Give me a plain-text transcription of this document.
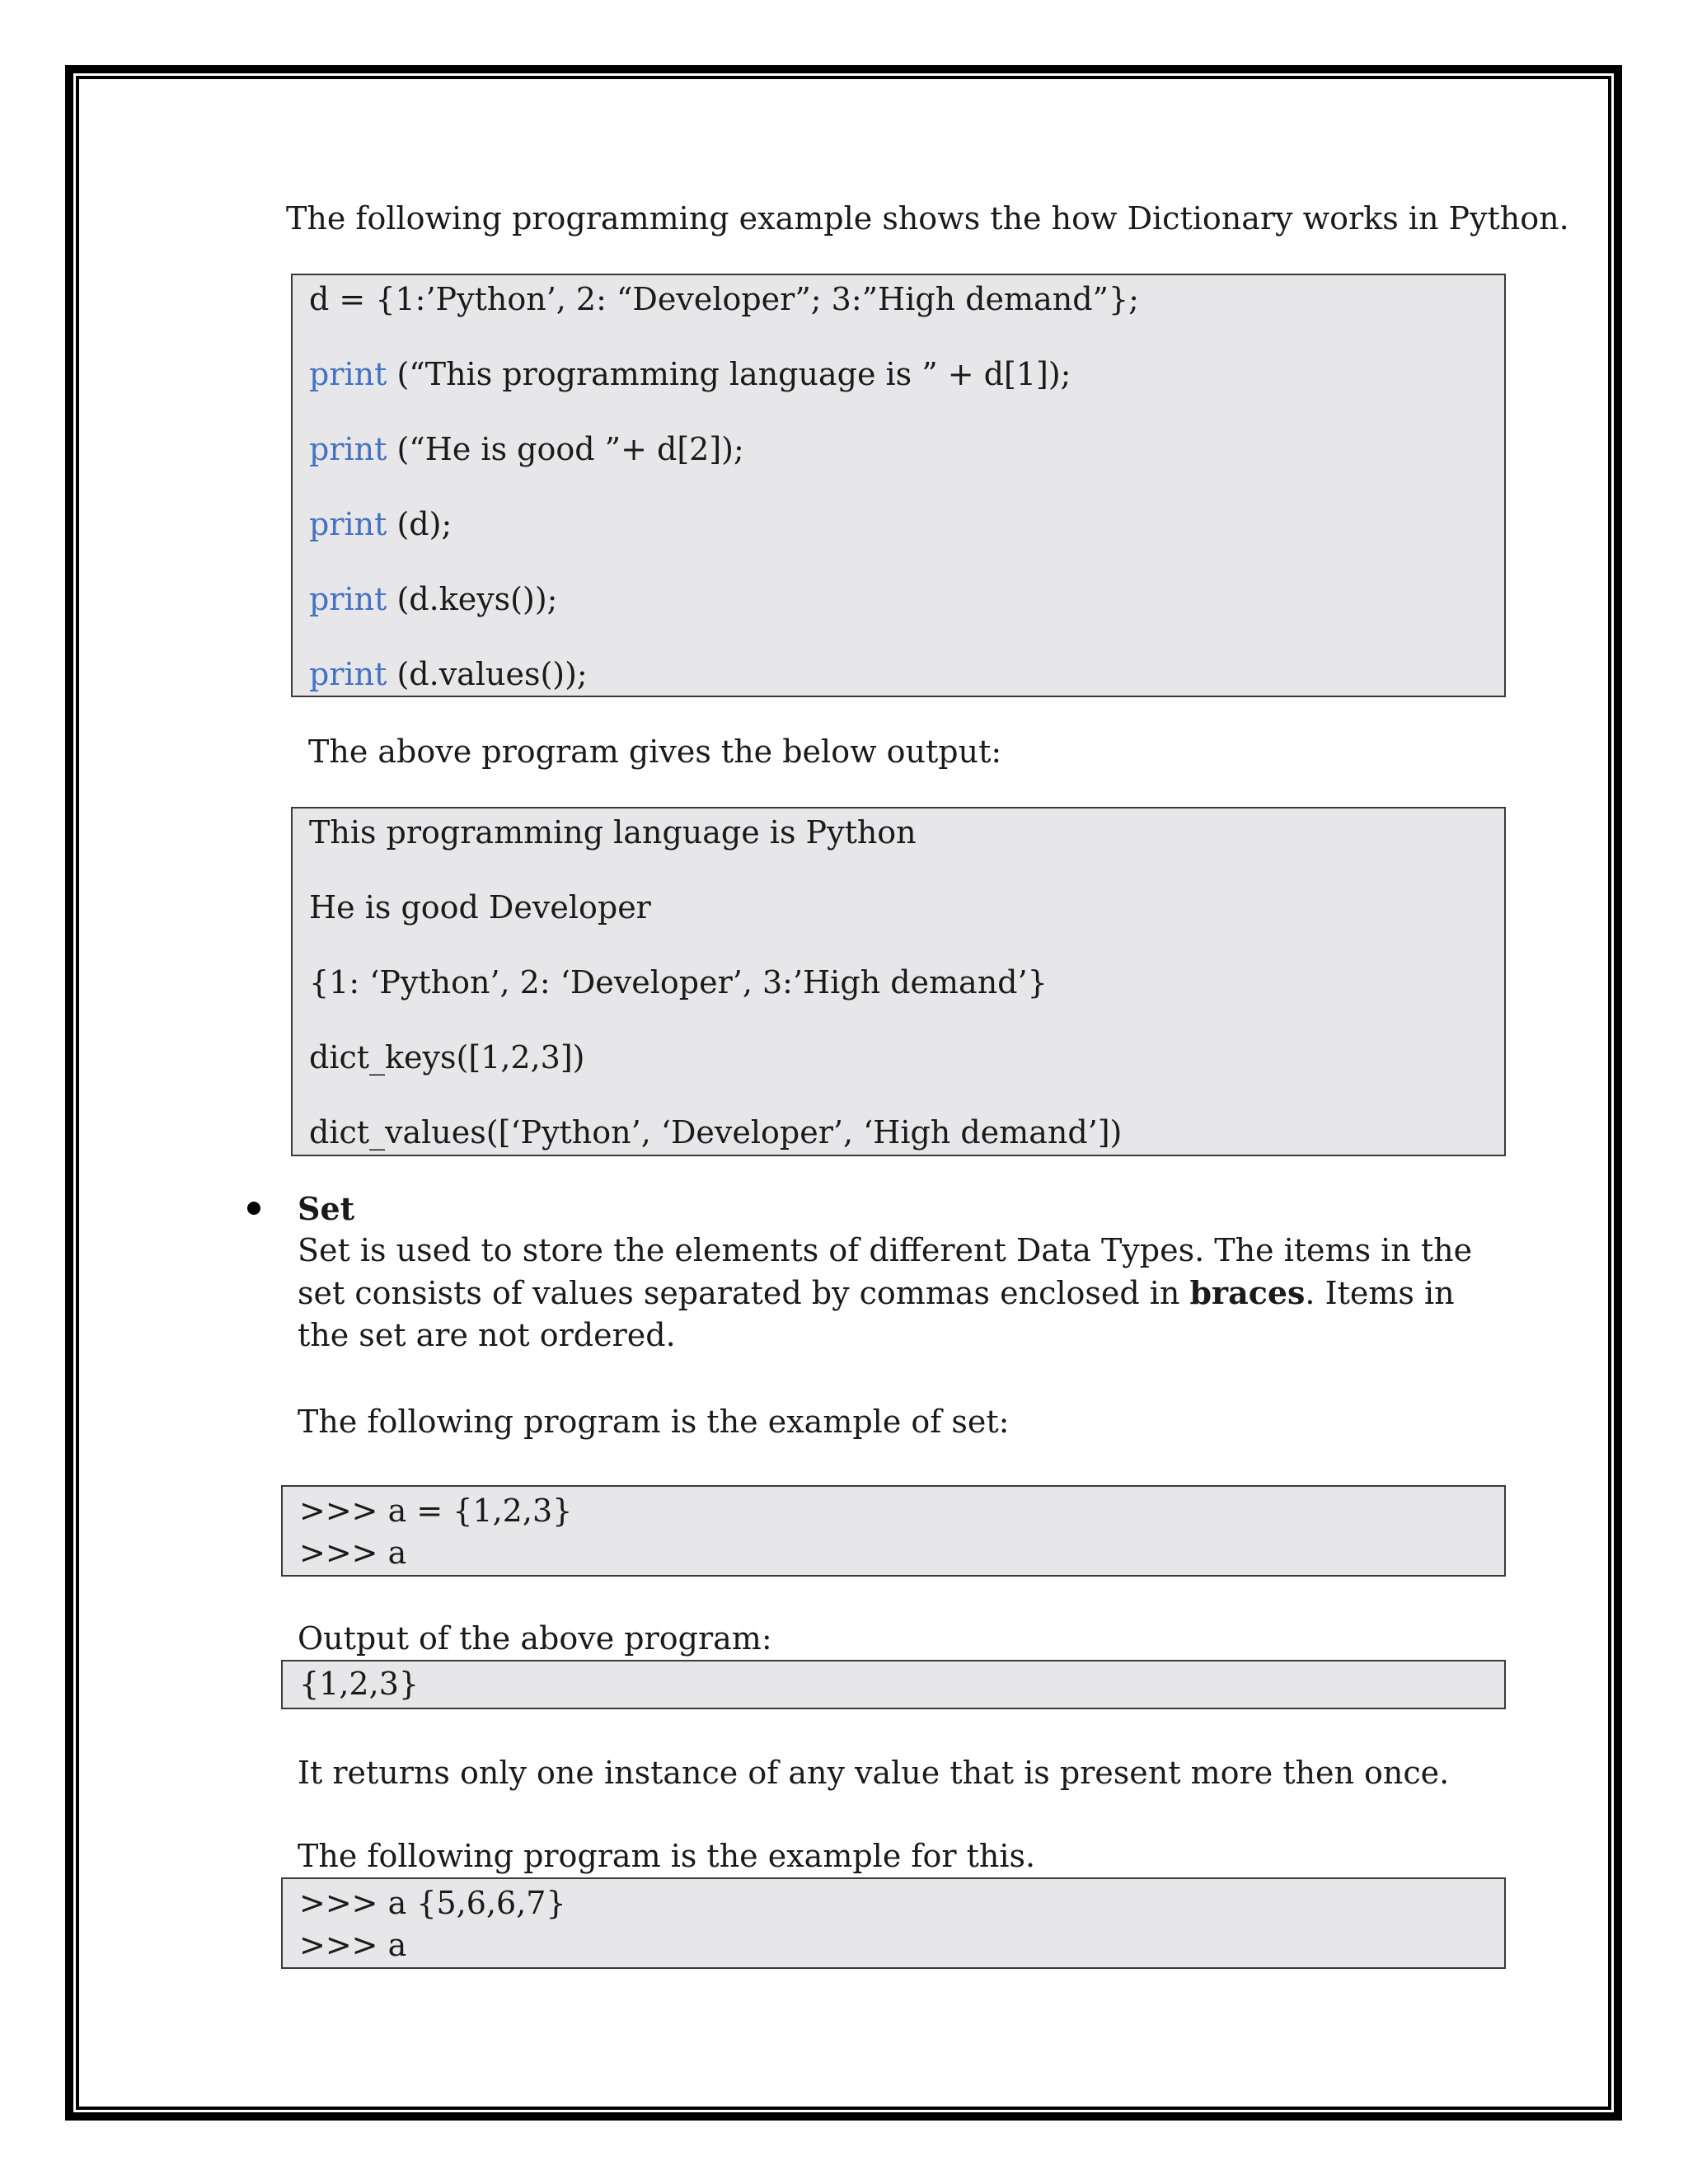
The following programming example shows the how Dictionary works in Python.
d = {1:’Python’, 2: “Developer”; 3:”High demand”};
print (“This programming language is ” + d[1]);
print (“He is good ”+ d[2]);
print (d);
print (d.keys());
print (d.values());
The above program gives the below output:
This programming language is Python
He is good Developer
{1: ‘Python’, 2: ‘Developer’, 3:’High demand’}
dict_keys([1,2,3])
dict_values([‘Python’, ‘Developer’, ‘High demand’])
Set
Set is used to store the elements of different Data Types. The items in the set consists of values separated by commas enclosed in braces. Items in the set are not ordered.
The following program is the example of set:
>>> a = {1,2,3}
>>> a
Output of the above program:
{1,2,3}
It returns only one instance of any value that is present more then once.
The following program is the example for this.
>>> a {5,6,6,7}
>>> a
